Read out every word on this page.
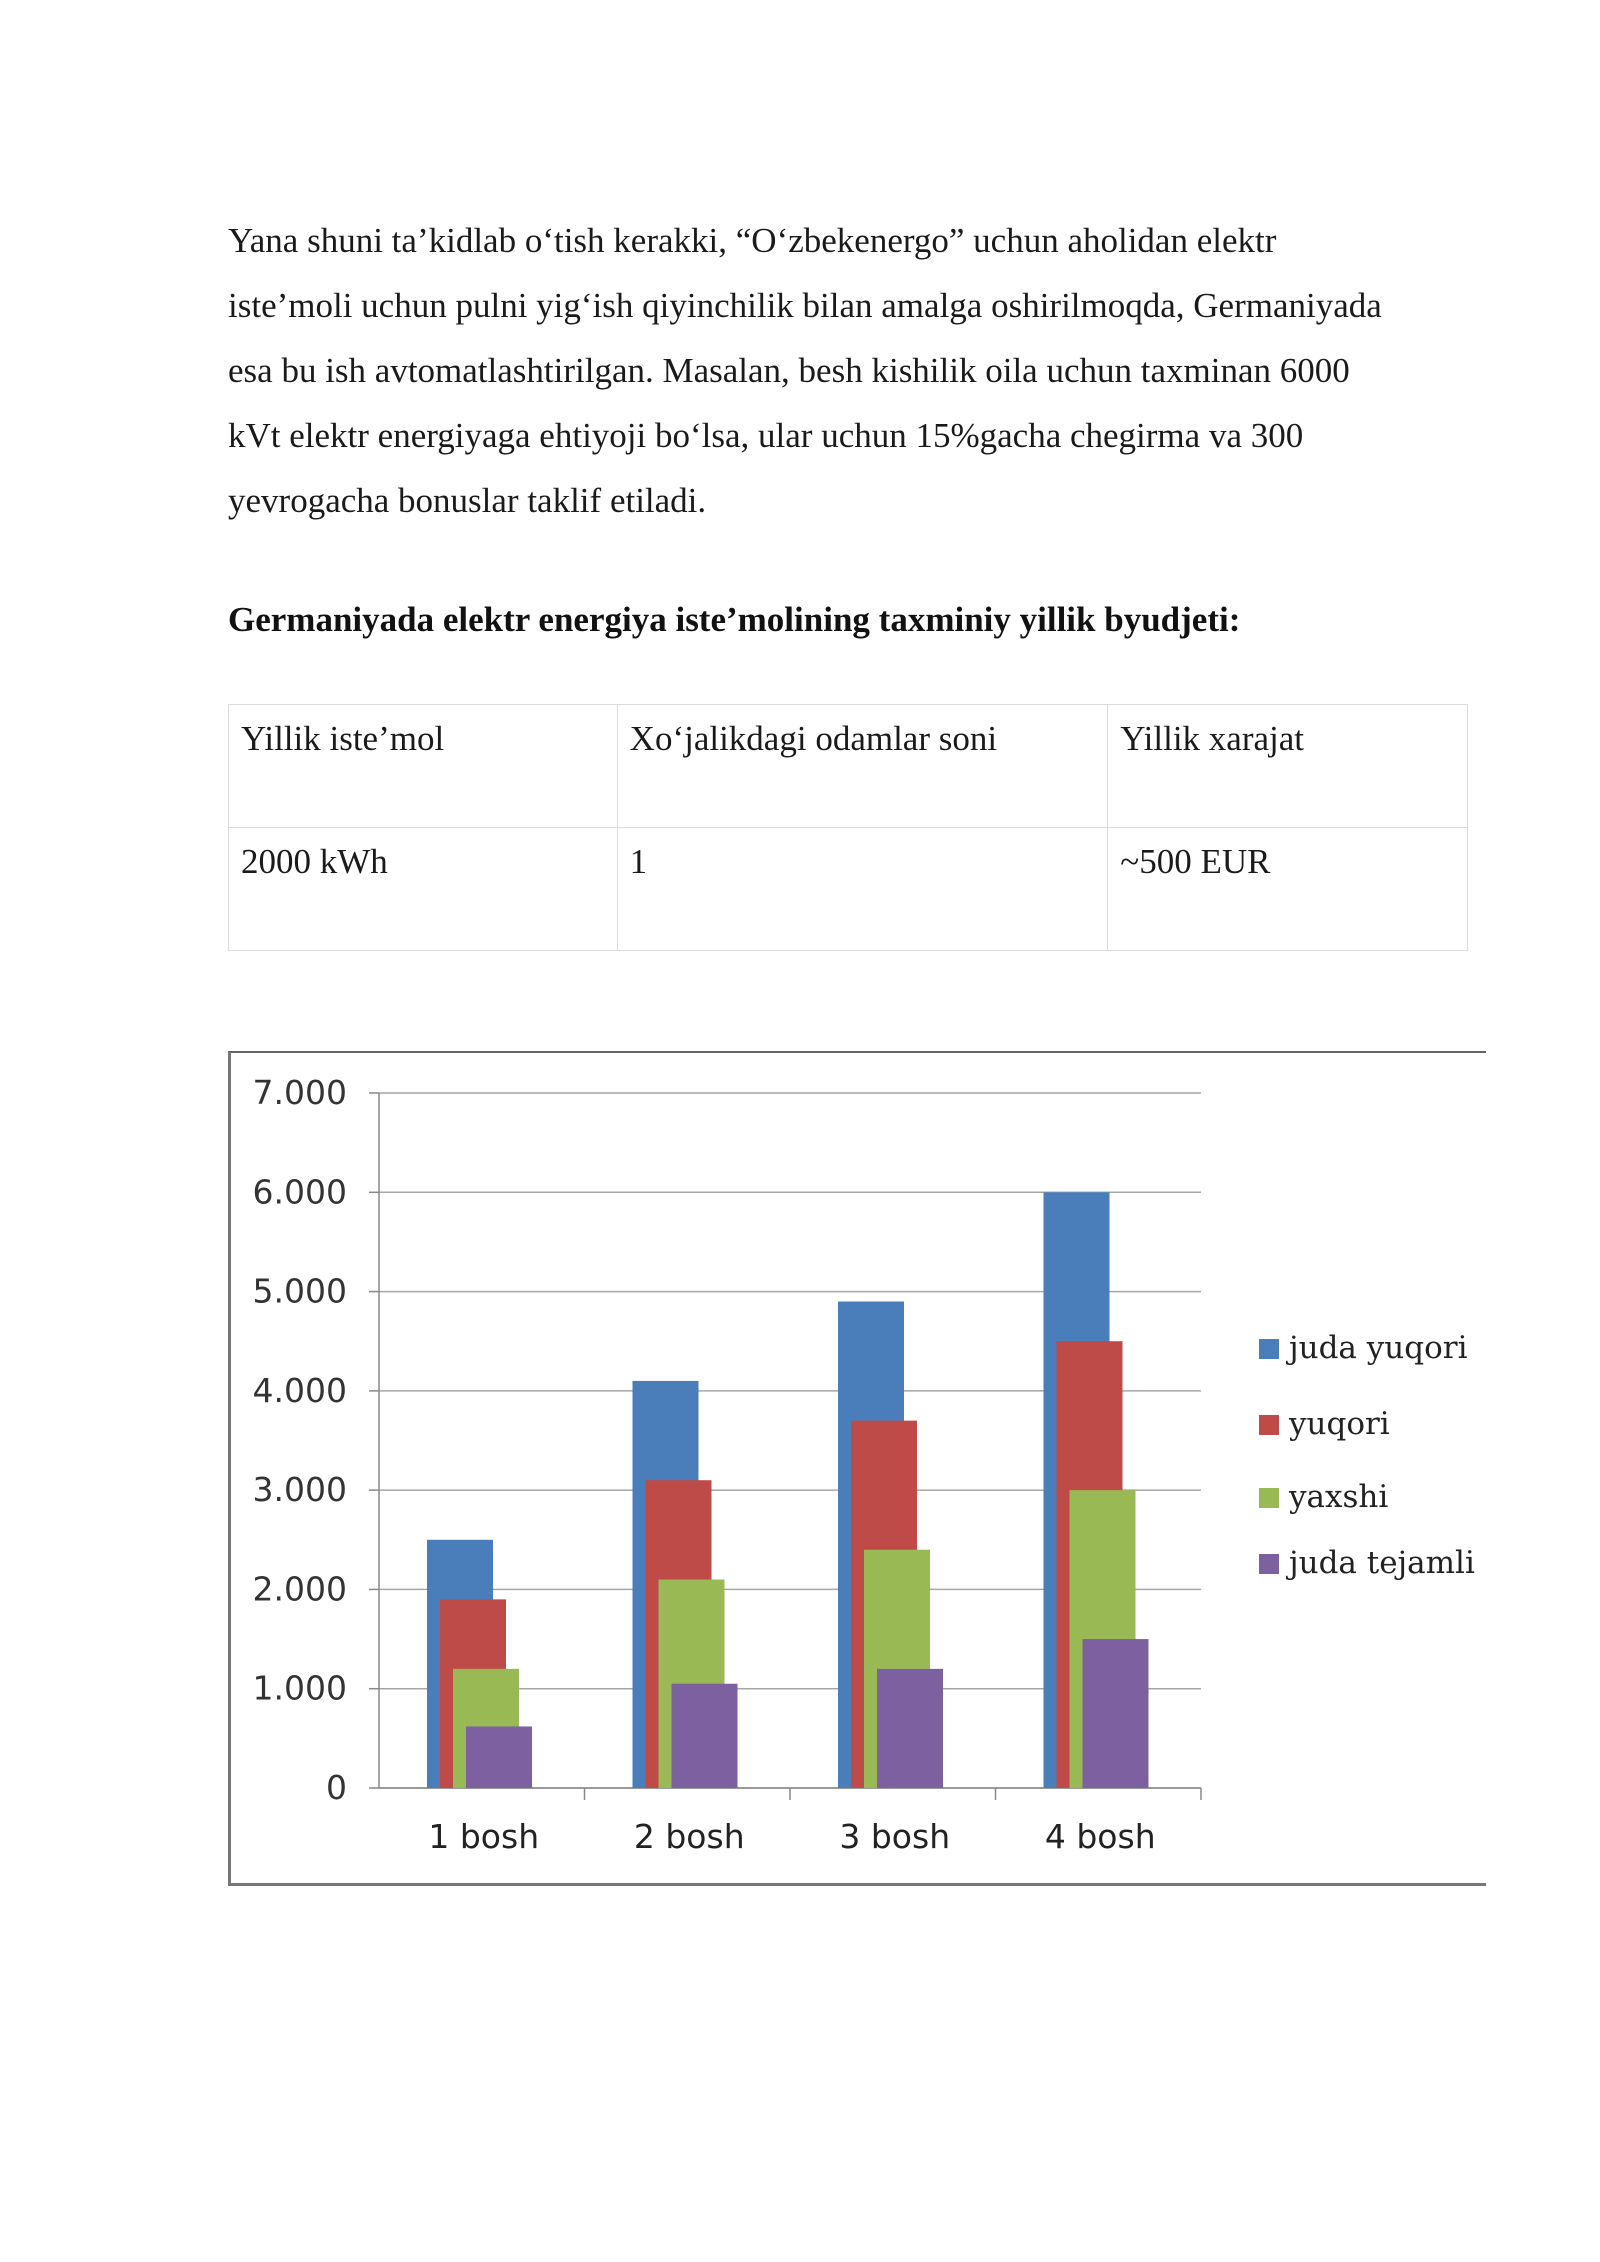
Yana shuni ta’kidlab o‘tish kerakki, “O‘zbekenergo” uchun aholidan elektr
iste’moli uchun pulni yig‘ish qiyinchilik bilan amalga oshirilmoqda, Germaniyada
esa bu ish avtomatlashtirilgan. Masalan, besh kishilik oila uchun taxminan 6000
kVt elektr energiyaga ehtiyoji bo‘lsa, ular uchun 15%gacha chegirma va 300
yevrogacha bonuslar taklif etiladi.

Germaniyada elektr energiya iste’molining taxminiy yillik byudjeti:

Yillik iste’mol	Xo‘jalikdagi odamlar soni	Yillik xarajat
2000 kWh	1	~500 EUR
0
1.000
2.000
3.000
4.000
5.000
6.000
7.000
1 bosh	2 bosh	3 bosh	4 bosh
juda yuqori
yuqori
yaxshi
juda tejamli
